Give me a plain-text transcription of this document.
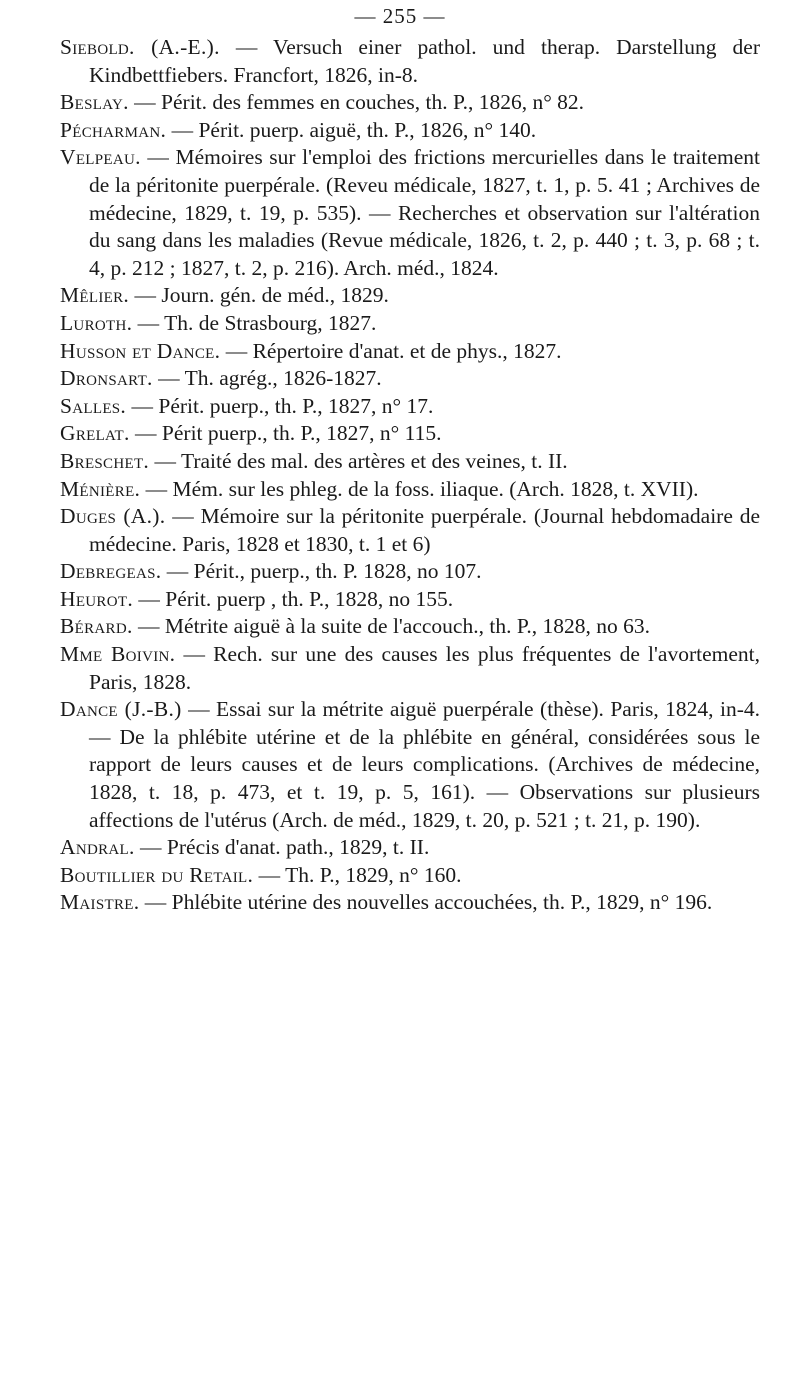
— 255 —

Siebold. (A.-E.). — Versuch einer pathol. und therap. Darstellung der Kindbettfiebers. Francfort, 1826, in-8.

Beslay. — Périt. des femmes en couches, th. P., 1826, n° 82.

Pécharman. — Périt. puerp. aiguë, th. P., 1826, n° 140.

Velpeau. — Mémoires sur l'emploi des frictions mercurielles dans le traitement de la péritonite puerpérale. (Reveu médicale, 1827, t. 1, p. 5. 41 ; Archives de médecine, 1829, t. 19, p. 535). — Recherches et observation sur l'altération du sang dans les maladies (Revue médicale, 1826, t. 2, p. 440 ; t. 3, p. 68 ; t. 4, p. 212 ; 1827, t. 2, p. 216). Arch. méd., 1824.

Mêlier. — Journ. gén. de méd., 1829.

Luroth. — Th. de Strasbourg, 1827.

Husson et Dance. — Répertoire d'anat. et de phys., 1827.

Dronsart. — Th. agrég., 1826-1827.

Salles. — Périt. puerp., th. P., 1827, n° 17.

Grelat. — Périt puerp., th. P., 1827, n° 115.

Breschet. — Traité des mal. des artères et des veines, t. II.

Ménière. — Mém. sur les phleg. de la foss. iliaque. (Arch. 1828, t. XVII).

Duges (A.). — Mémoire sur la péritonite puerpérale. (Journal hebdomadaire de médecine. Paris, 1828 et 1830, t. 1 et 6)

Debregeas. — Périt., puerp., th. P. 1828, no 107.

Heurot. — Périt. puerp , th. P., 1828, no 155.

Bérard. — Métrite aiguë à la suite de l'accouch., th. P., 1828, no 63.

Mme Boivin. — Rech. sur une des causes les plus fréquentes de l'avortement, Paris, 1828.

Dance (J.-B.) — Essai sur la métrite aiguë puerpérale (thèse). Paris, 1824, in-4. — De la phlébite utérine et de la phlébite en général, considérées sous le rapport de leurs causes et de leurs complications. (Archives de médecine, 1828, t. 18, p. 473, et t. 19, p. 5, 161). — Observations sur plusieurs affections de l'utérus (Arch. de méd., 1829, t. 20, p. 521 ; t. 21, p. 190).

Andral. — Précis d'anat. path., 1829, t. II.

Boutillier du Retail. — Th. P., 1829, n° 160.

Maistre. — Phlébite utérine des nouvelles accouchées, th. P., 1829, n° 196.
